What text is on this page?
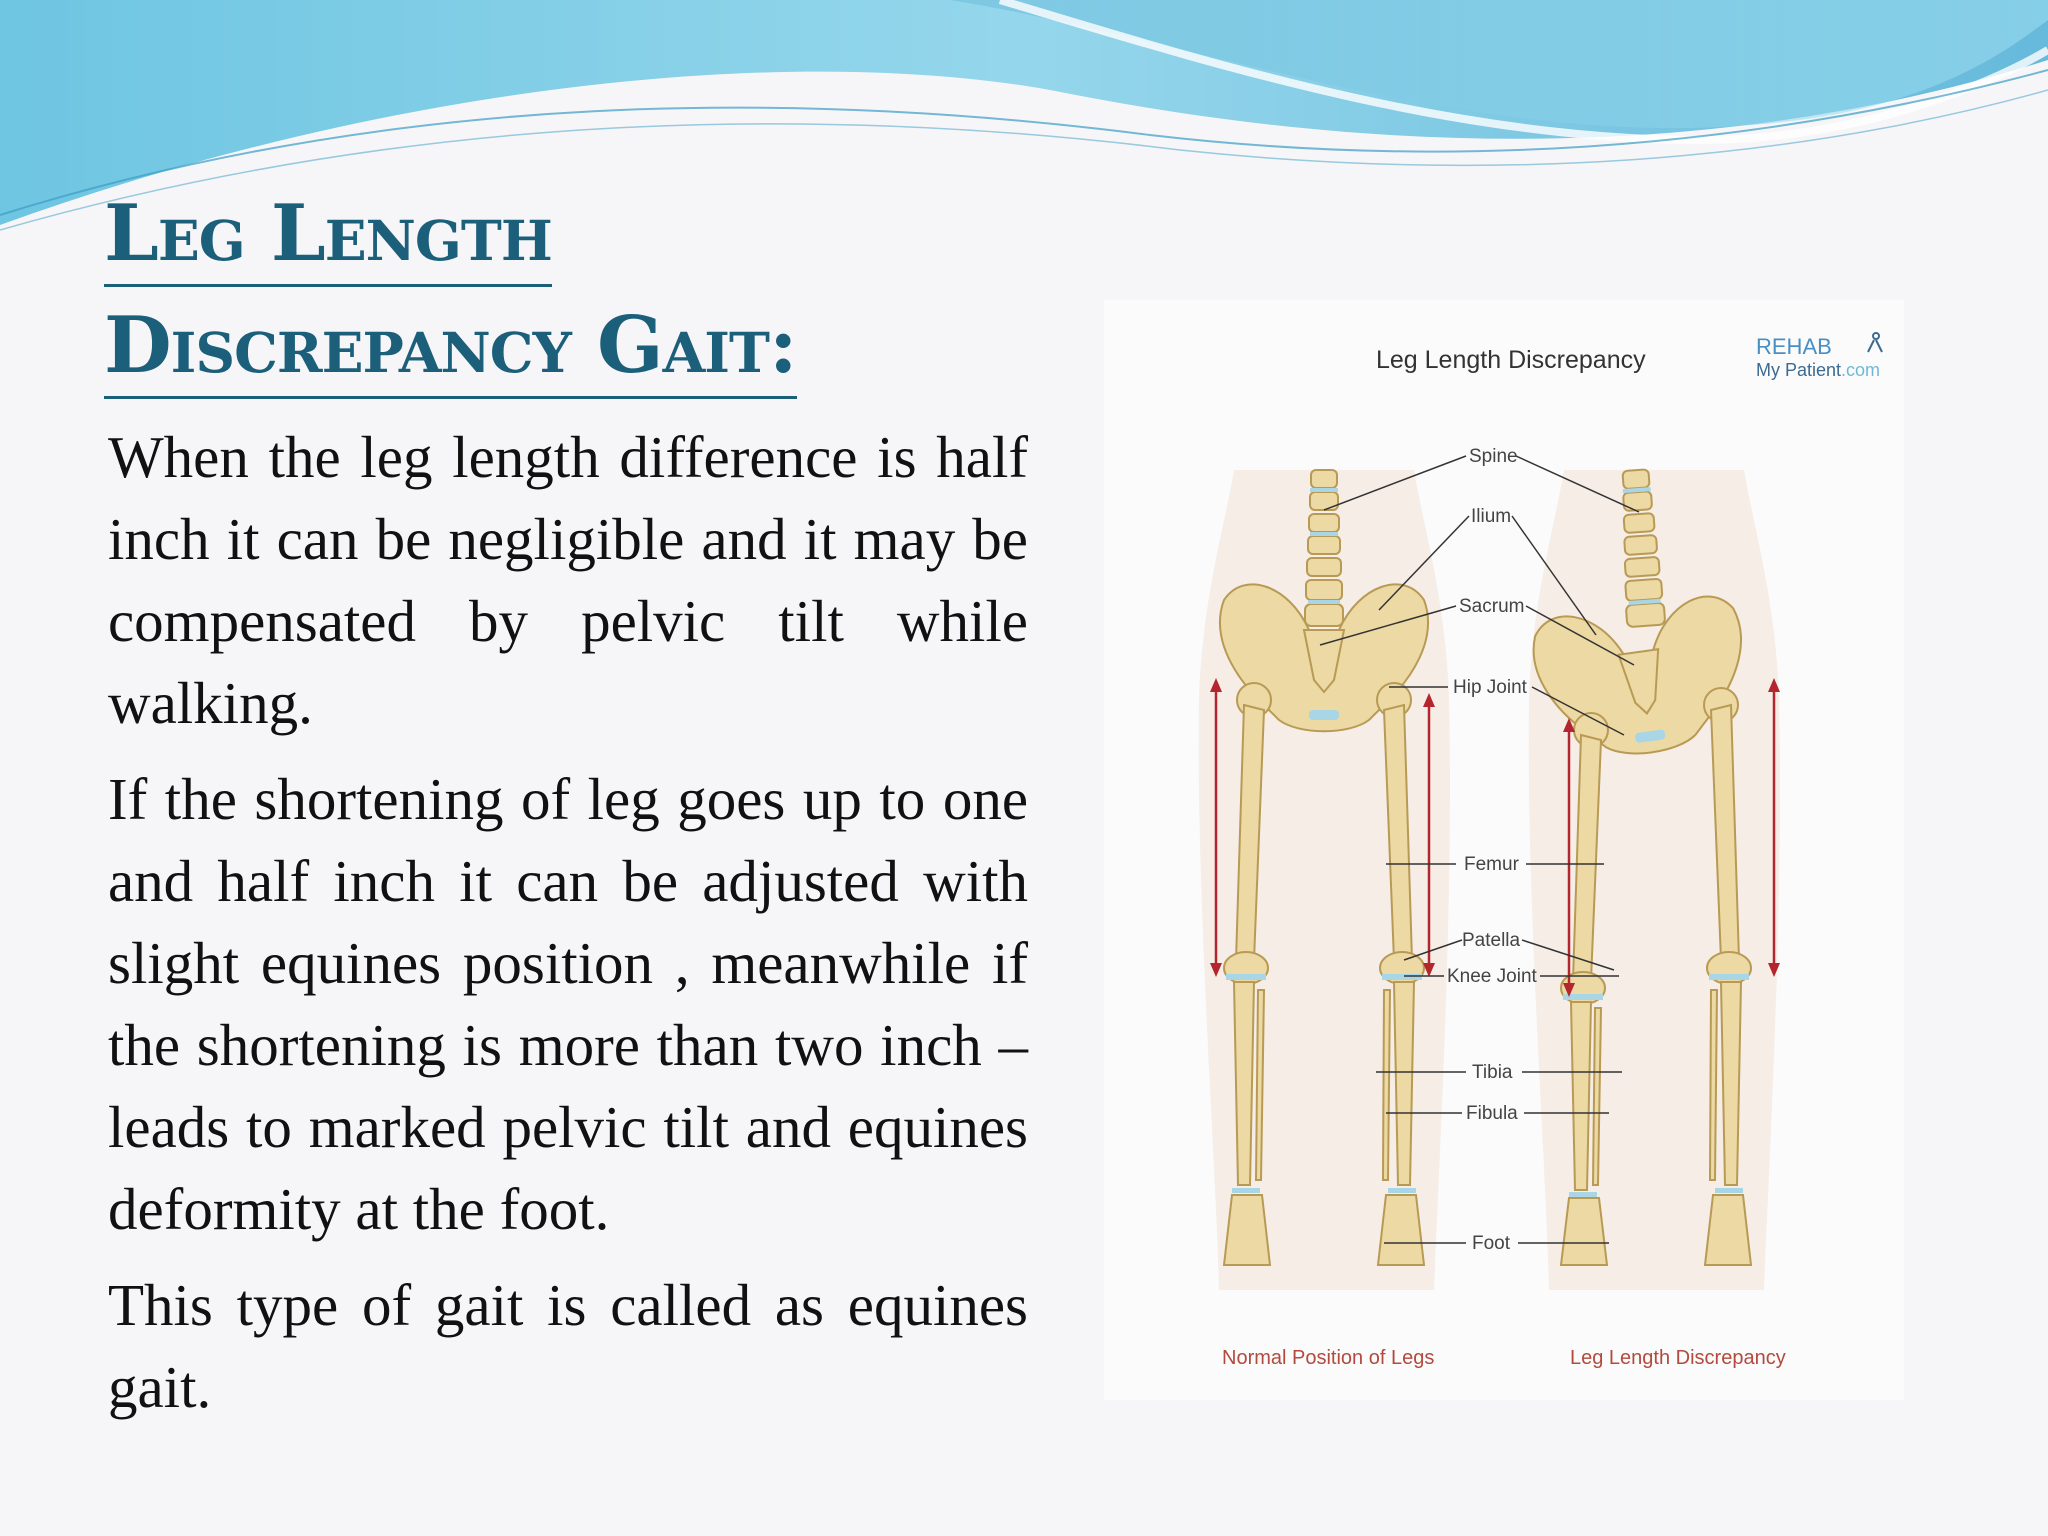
Leg Length
Discrepancy Gait:

When the leg length difference is half inch it can be negligible and it may be compensated by pelvic tilt while walking.

If the shortening of leg goes up to one and half inch it can be adjusted with slight equines position , meanwhile if the shortening is more than two inch – leads to marked pelvic tilt and equines deformity at the foot.

This type of gait is called as equines gait.

Leg Length Discrepancy	REHAB
My Patient.com
Spine
Ilium
Sacrum
Hip Joint
Femur
Patella
Knee Joint
Tibia
Fibula
Foot
Normal Position of Legs	Leg Length Discrepancy
